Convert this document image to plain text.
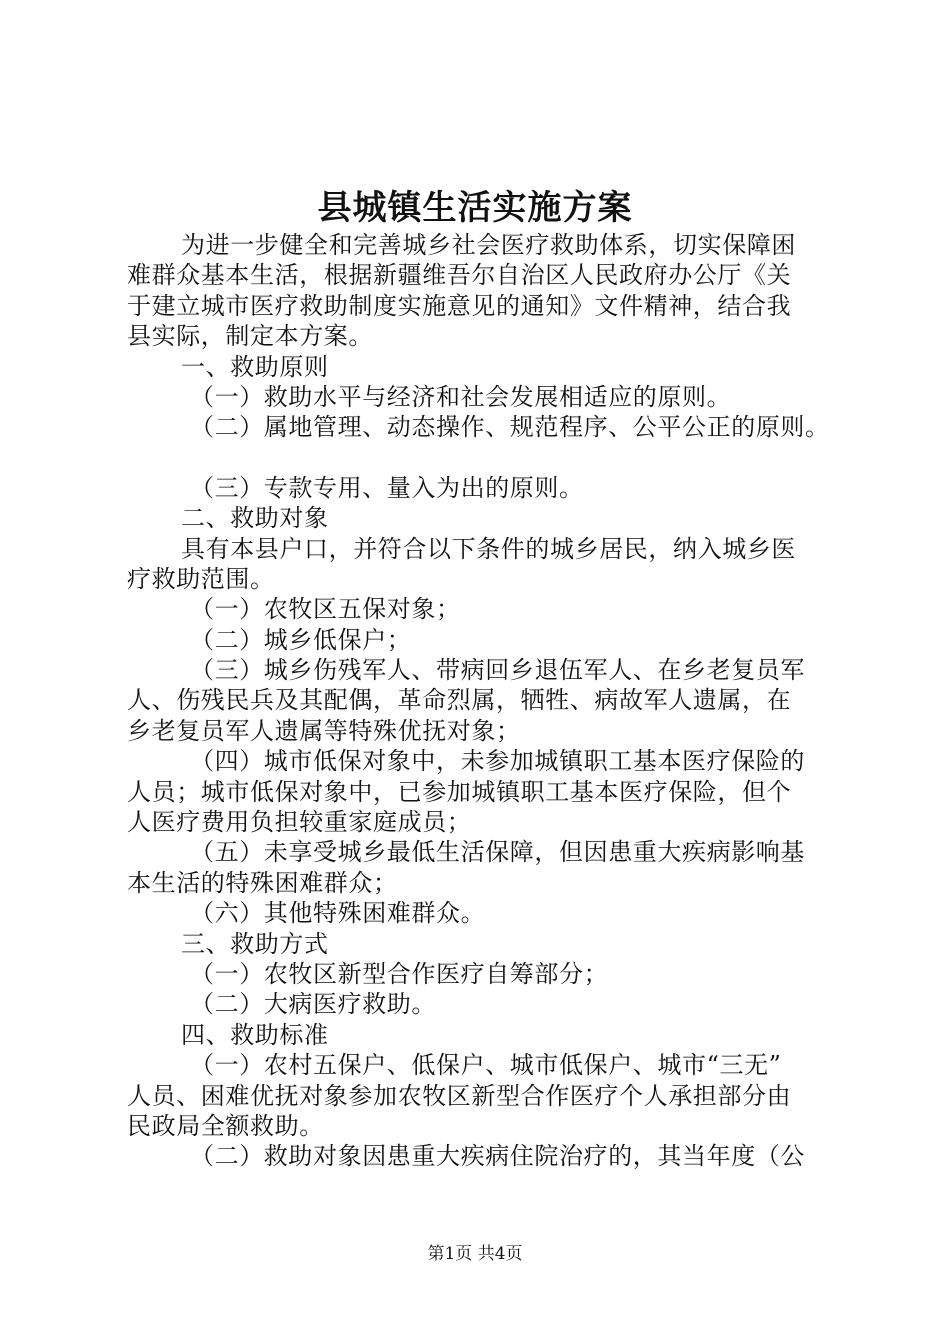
县城镇生活实施方案
为进一步健全和完善城乡社会医疗救助体系，切实保障困
难群众基本生活，根据新疆维吾尔自治区人民政府办公厅《关
于建立城市医疗救助制度实施意见的通知》文件精神，结合我
县实际，制定本方案。
一、救助原则
（一）救助水平与经济和社会发展相适应的原则。
（二）属地管理、动态操作、规范程序、公平公正的原则。
（三）专款专用、量入为出的原则。
二、救助对象
具有本县户口，并符合以下条件的城乡居民，纳入城乡医
疗救助范围。
（一）农牧区五保对象；
（二）城乡低保户；
（三）城乡伤残军人、带病回乡退伍军人、在乡老复员军
人、伤残民兵及其配偶，革命烈属，牺牲、病故军人遗属，在
乡老复员军人遗属等特殊优抚对象；
（四）城市低保对象中，未参加城镇职工基本医疗保险的
人员；城市低保对象中，已参加城镇职工基本医疗保险，但个
人医疗费用负担较重家庭成员；
（五）未享受城乡最低生活保障，但因患重大疾病影响基
本生活的特殊困难群众；
（六）其他特殊困难群众。
三、救助方式
（一）农牧区新型合作医疗自筹部分；
（二）大病医疗救助。
四、救助标准
（一）农村五保户、低保户、城市低保户、城市“三无”
人员、困难优抚对象参加农牧区新型合作医疗个人承担部分由
民政局全额救助。
（二）救助对象因患重大疾病住院治疗的，其当年度（公
第1页 共4页
